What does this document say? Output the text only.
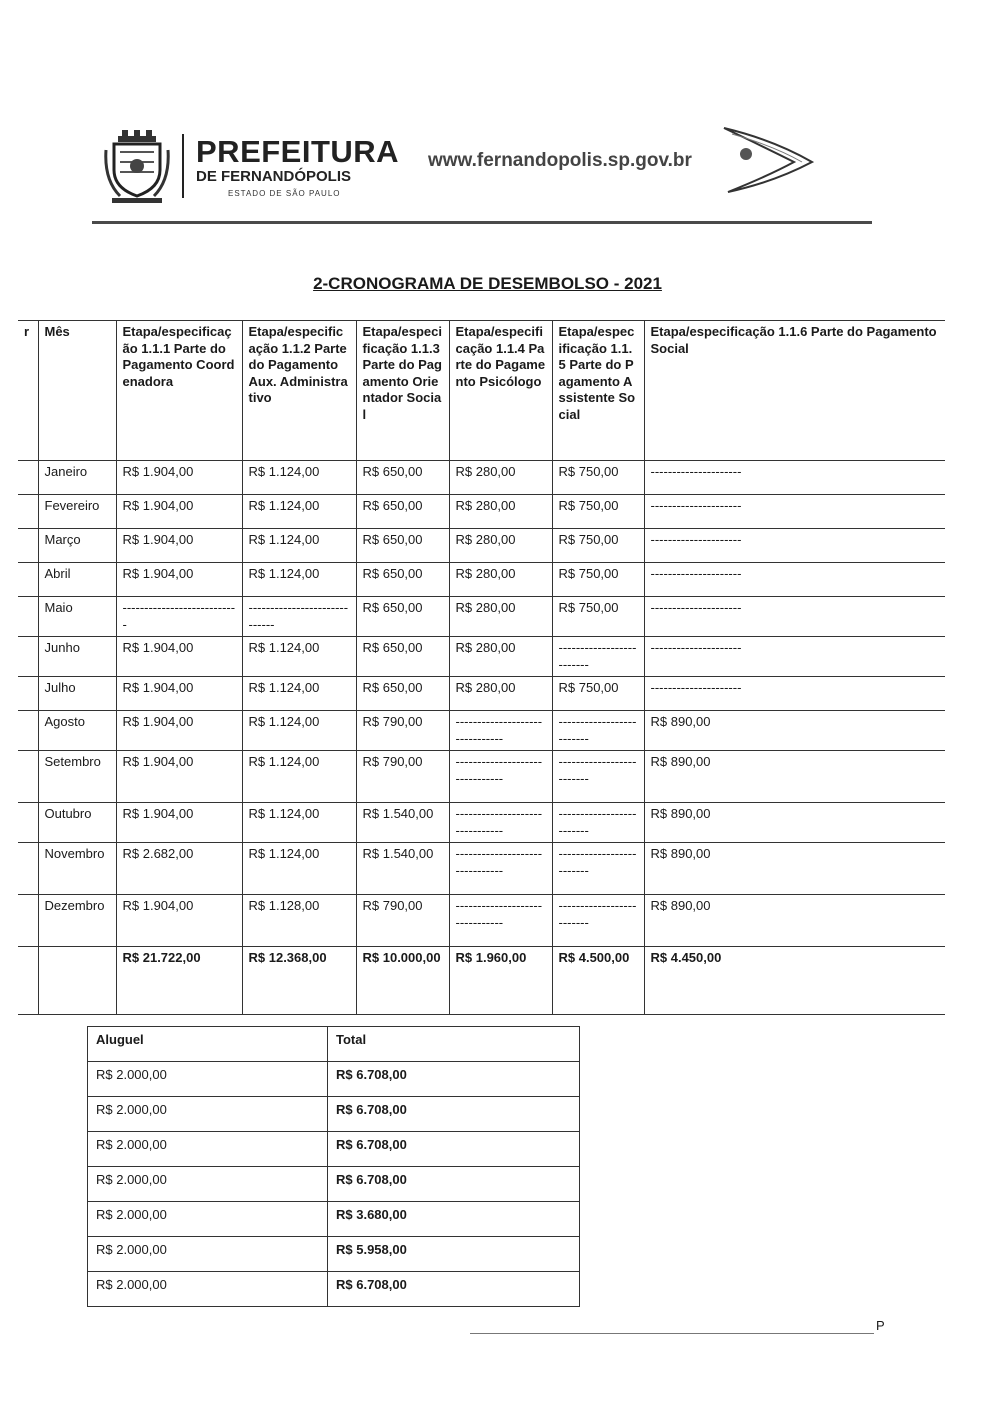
PREFEITURA
DE FERNANDÓPOLIS
ESTADO DE SÃO PAULO
www.fernandopolis.sp.gov.br
2-CRONOGRAMA DE DESEMBOLSO - 2021
r	Mês	Etapa/especificação 1.1.1 Parte do Pagamento Coordenadora	Etapa/especificação 1.1.2 Parte do Pagamento Aux. Administrativo	Etapa/especificação 1.1.3 Parte do Pagamento Orientador Social	Etapa/especificação 1.1.4 Parte do Pagamento Psicólogo	Etapa/especificação 1.1.5 Parte do Pagamento Assistente Social	Etapa/especificação 1.1.6 Parte do Pagamento Social
	Janeiro	R$ 1.904,00	R$ 1.124,00	R$ 650,00	R$ 280,00	R$ 750,00	---------------------
	Fevereiro	R$ 1.904,00	R$ 1.124,00	R$ 650,00	R$ 280,00	R$ 750,00	---------------------
	Março	R$ 1.904,00	R$ 1.124,00	R$ 650,00	R$ 280,00	R$ 750,00	---------------------
	Abril	R$ 1.904,00	R$ 1.124,00	R$ 650,00	R$ 280,00	R$ 750,00	---------------------
	Maio	---------------------------	-----------------------------	R$ 650,00	R$ 280,00	R$ 750,00	---------------------
	Junho	R$ 1.904,00	R$ 1.124,00	R$ 650,00	R$ 280,00	-------------------------	---------------------
	Julho	R$ 1.904,00	R$ 1.124,00	R$ 650,00	R$ 280,00	R$ 750,00	---------------------
	Agosto	R$ 1.904,00	R$ 1.124,00	R$ 790,00	-------------------------------	-------------------------	R$ 890,00
	Setembro	R$ 1.904,00	R$ 1.124,00	R$ 790,00	-------------------------------	-------------------------	R$ 890,00
	Outubro	R$ 1.904,00	R$ 1.124,00	R$ 1.540,00	-------------------------------	-------------------------	R$ 890,00
	Novembro	R$ 2.682,00	R$ 1.124,00	R$ 1.540,00	-------------------------------	-------------------------	R$ 890,00
	Dezembro	R$ 1.904,00	R$ 1.128,00	R$ 790,00	-------------------------------	-------------------------	R$ 890,00
		R$ 21.722,00	R$ 12.368,00	R$ 10.000,00	R$ 1.960,00	R$ 4.500,00	R$ 4.450,00
Aluguel	Total
R$ 2.000,00	R$ 6.708,00
R$ 2.000,00	R$ 6.708,00
R$ 2.000,00	R$ 6.708,00
R$ 2.000,00	R$ 6.708,00
R$ 2.000,00	R$ 3.680,00
R$ 2.000,00	R$ 5.958,00
R$ 2.000,00	R$ 6.708,00
P
